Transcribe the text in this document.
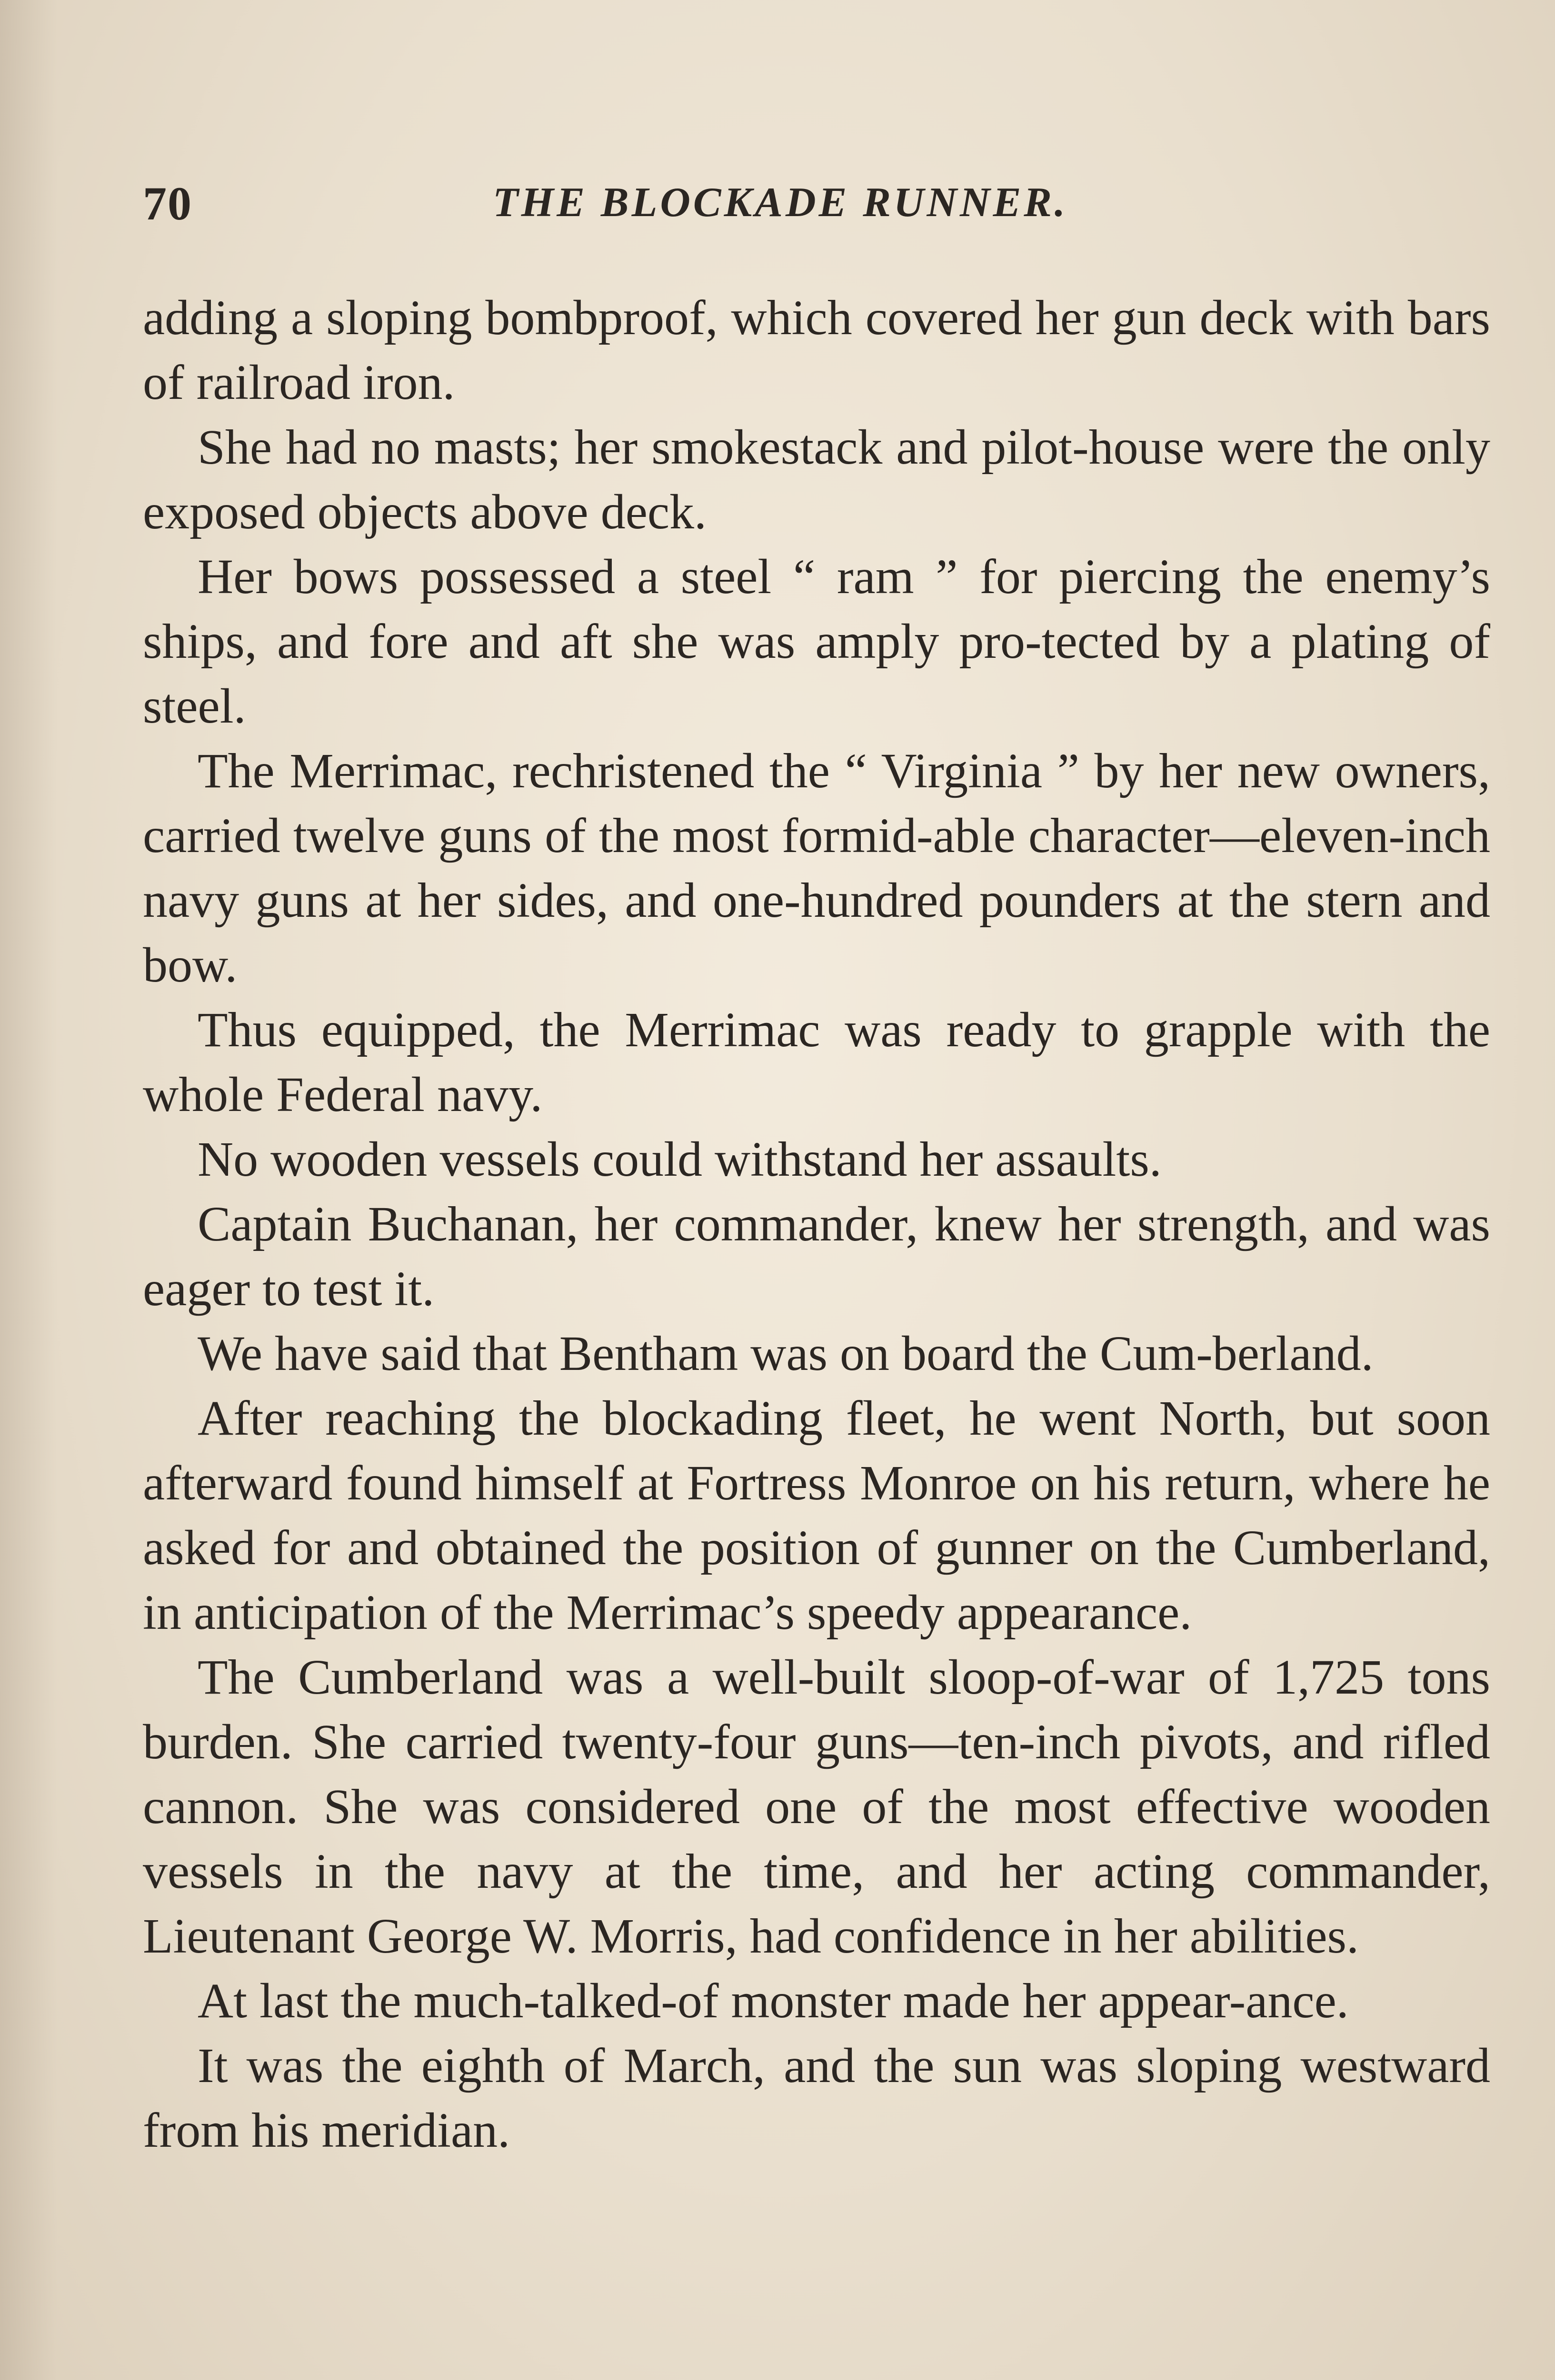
70	THE BLOCKADE RUNNER.

adding a sloping bombproof, which covered her gun deck with bars of railroad iron.

She had no masts; her smokestack and pilot-house were the only exposed objects above deck.

Her bows possessed a steel “ ram ” for piercing the enemy’s ships, and fore and aft she was amply pro-tected by a plating of steel.

The Merrimac, rechristened the “ Virginia ” by her new owners, carried twelve guns of the most formid-able character—eleven-inch navy guns at her sides, and one-hundred pounders at the stern and bow.

Thus equipped, the Merrimac was ready to grapple with the whole Federal navy.

No wooden vessels could withstand her assaults.

Captain Buchanan, her commander, knew her strength, and was eager to test it.

We have said that Bentham was on board the Cum-berland.

After reaching the blockading fleet, he went North, but soon afterward found himself at Fortress Monroe on his return, where he asked for and obtained the position of gunner on the Cumberland, in anticipation of the Merrimac’s speedy appearance.

The Cumberland was a well-built sloop-of-war of 1,725 tons burden. She carried twenty-four guns—ten-inch pivots, and rifled cannon. She was considered one of the most effective wooden vessels in the navy at the time, and her acting commander, Lieutenant George W. Morris, had confidence in her abilities.

At last the much-talked-of monster made her appear-ance.

It was the eighth of March, and the sun was sloping westward from his meridian.
